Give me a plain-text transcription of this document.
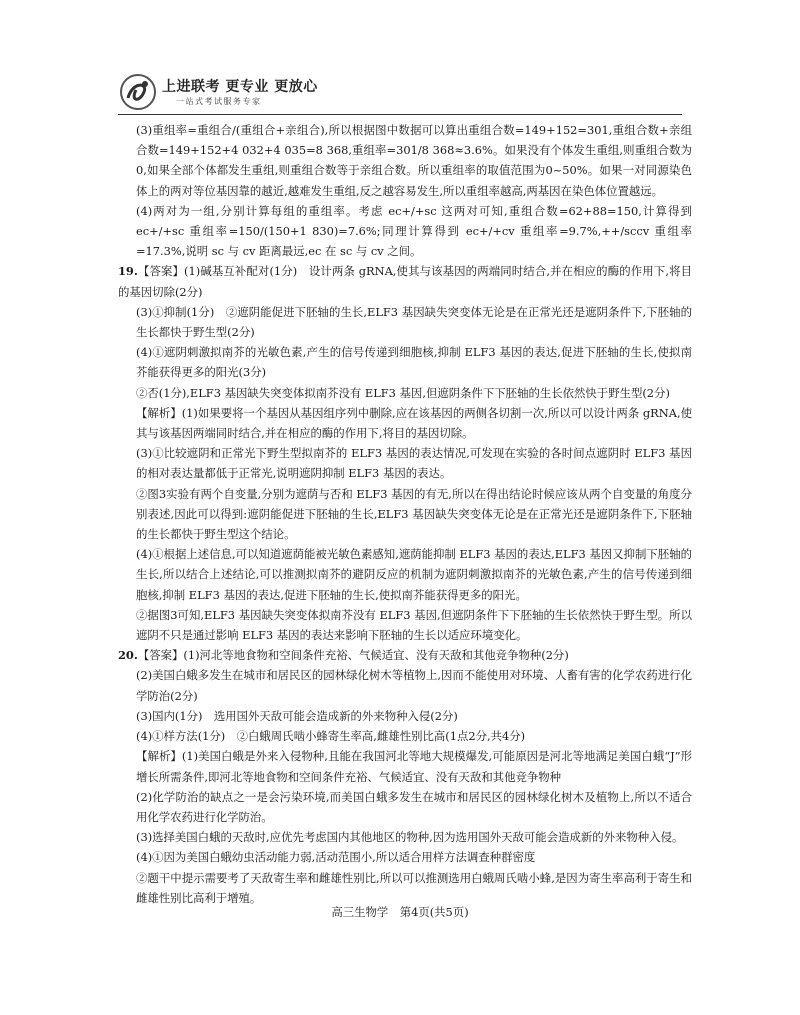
上进联考 更专业 更放心
一站式考试服务专家

(3)重组率=重组合/(重组合+亲组合),所以根据图中数据可以算出重组合数=149+152=301,重组合数+亲组合数=149+152+4 032+4 035=8 368,重组率=301/8 368≈3.6%。如果没有个体发生重组,则重组合数为0,如果全部个体都发生重组,则重组合数等于亲组合数。所以重组率的取值范围为0~50%。如果一对同源染色体上的两对等位基因靠的越近,越难发生重组,反之越容易发生,所以重组率越高,两基因在染色体位置越远。

(4)两对为一组,分别计算每组的重组率。考虑 ec+/+sc 这两对可知,重组合数=62+88=150,计算得到 ec+/+sc 重组率=150/(150+1 830)=7.6%;同理计算得到 ec+/+cv 重组率=9.7%,++/sccv 重组率=17.3%,说明 sc 与 cv 距离最远,ec 在 sc 与 cv 之间。

19.【答案】(1)碱基互补配对(1分)　设计两条 gRNA,使其与该基因的两端同时结合,并在相应的酶的作用下,将目的基因切除(2分)

(3)①抑制(1分)　②遮阴能促进下胚轴的生长,ELF3 基因缺失突变体无论是在正常光还是遮阴条件下,下胚轴的生长都快于野生型(2分)

(4)①遮阴刺激拟南芥的光敏色素,产生的信号传递到细胞核,抑制 ELF3 基因的表达,促进下胚轴的生长,使拟南芥能获得更多的阳光(3分)

②否(1分),ELF3 基因缺失突变体拟南芥没有 ELF3 基因,但遮阴条件下下胚轴的生长依然快于野生型(2分)

【解析】(1)如果要将一个基因从基因组序列中删除,应在该基因的两侧各切割一次,所以可以设计两条 gRNA,使其与该基因两端同时结合,并在相应的酶的作用下,将目的基因切除。

(3)①比较遮阴和正常光下野生型拟南芥的 ELF3 基因的表达情况,可发现在实验的各时间点遮阴时 ELF3 基因的相对表达量都低于正常光,说明遮阴抑制 ELF3 基因的表达。

②图3实验有两个自变量,分别为遮荫与否和 ELF3 基因的有无,所以在得出结论时候应该从两个自变量的角度分别表述,因此可以得到:遮阴能促进下胚轴的生长,ELF3 基因缺失突变体无论是在正常光还是遮阴条件下,下胚轴的生长都快于野生型这个结论。

(4)①根据上述信息,可以知道遮荫能被光敏色素感知,遮荫能抑制 ELF3 基因的表达,ELF3 基因又抑制下胚轴的生长,所以结合上述结论,可以推测拟南芥的避阴反应的机制为遮阴刺激拟南芥的光敏色素,产生的信号传递到细胞核,抑制 ELF3 基因的表达,促进下胚轴的生长,使拟南芥能获得更多的阳光。

②据图3可知,ELF3 基因缺失突变体拟南芥没有 ELF3 基因,但遮阴条件下下胚轴的生长依然快于野生型。所以遮阴不只是通过影响 ELF3 基因的表达来影响下胚轴的生长以适应环境变化。

20.【答案】(1)河北等地食物和空间条件充裕、气候适宜、没有天敌和其他竞争物种(2分)

(2)美国白蛾多发生在城市和居民区的园林绿化树木等植物上,因而不能使用对环境、人畜有害的化学农药进行化学防治(2分)

(3)国内(1分)　选用国外天敌可能会造成新的外来物种入侵(2分)

(4)①样方法(1分)　②白蛾周氏啮小蜂寄生率高,雌雄性别比高(1点2分,共4分)

【解析】(1)美国白蛾是外来入侵物种,且能在我国河北等地大规模爆发,可能原因是河北等地满足美国白蛾“J”形增长所需条件,即河北等地食物和空间条件充裕、气候适宜、没有天敌和其他竞争物种

(2)化学防治的缺点之一是会污染环境,而美国白蛾多发生在城市和居民区的园林绿化树木及植物上,所以不适合用化学农药进行化学防治。

(3)选择美国白蛾的天敌时,应优先考虑国内其他地区的物种,因为选用国外天敌可能会造成新的外来物种入侵。

(4)①因为美国白蛾幼虫活动能力弱,活动范围小,所以适合用样方法调查种群密度

②题干中提示需要考了天敌寄生率和雌雄性别比,所以可以推测选用白蛾周氏啮小蜂,是因为寄生率高利于寄生和雌雄性别比高利于增殖。

高三生物学　第4页(共5页)
